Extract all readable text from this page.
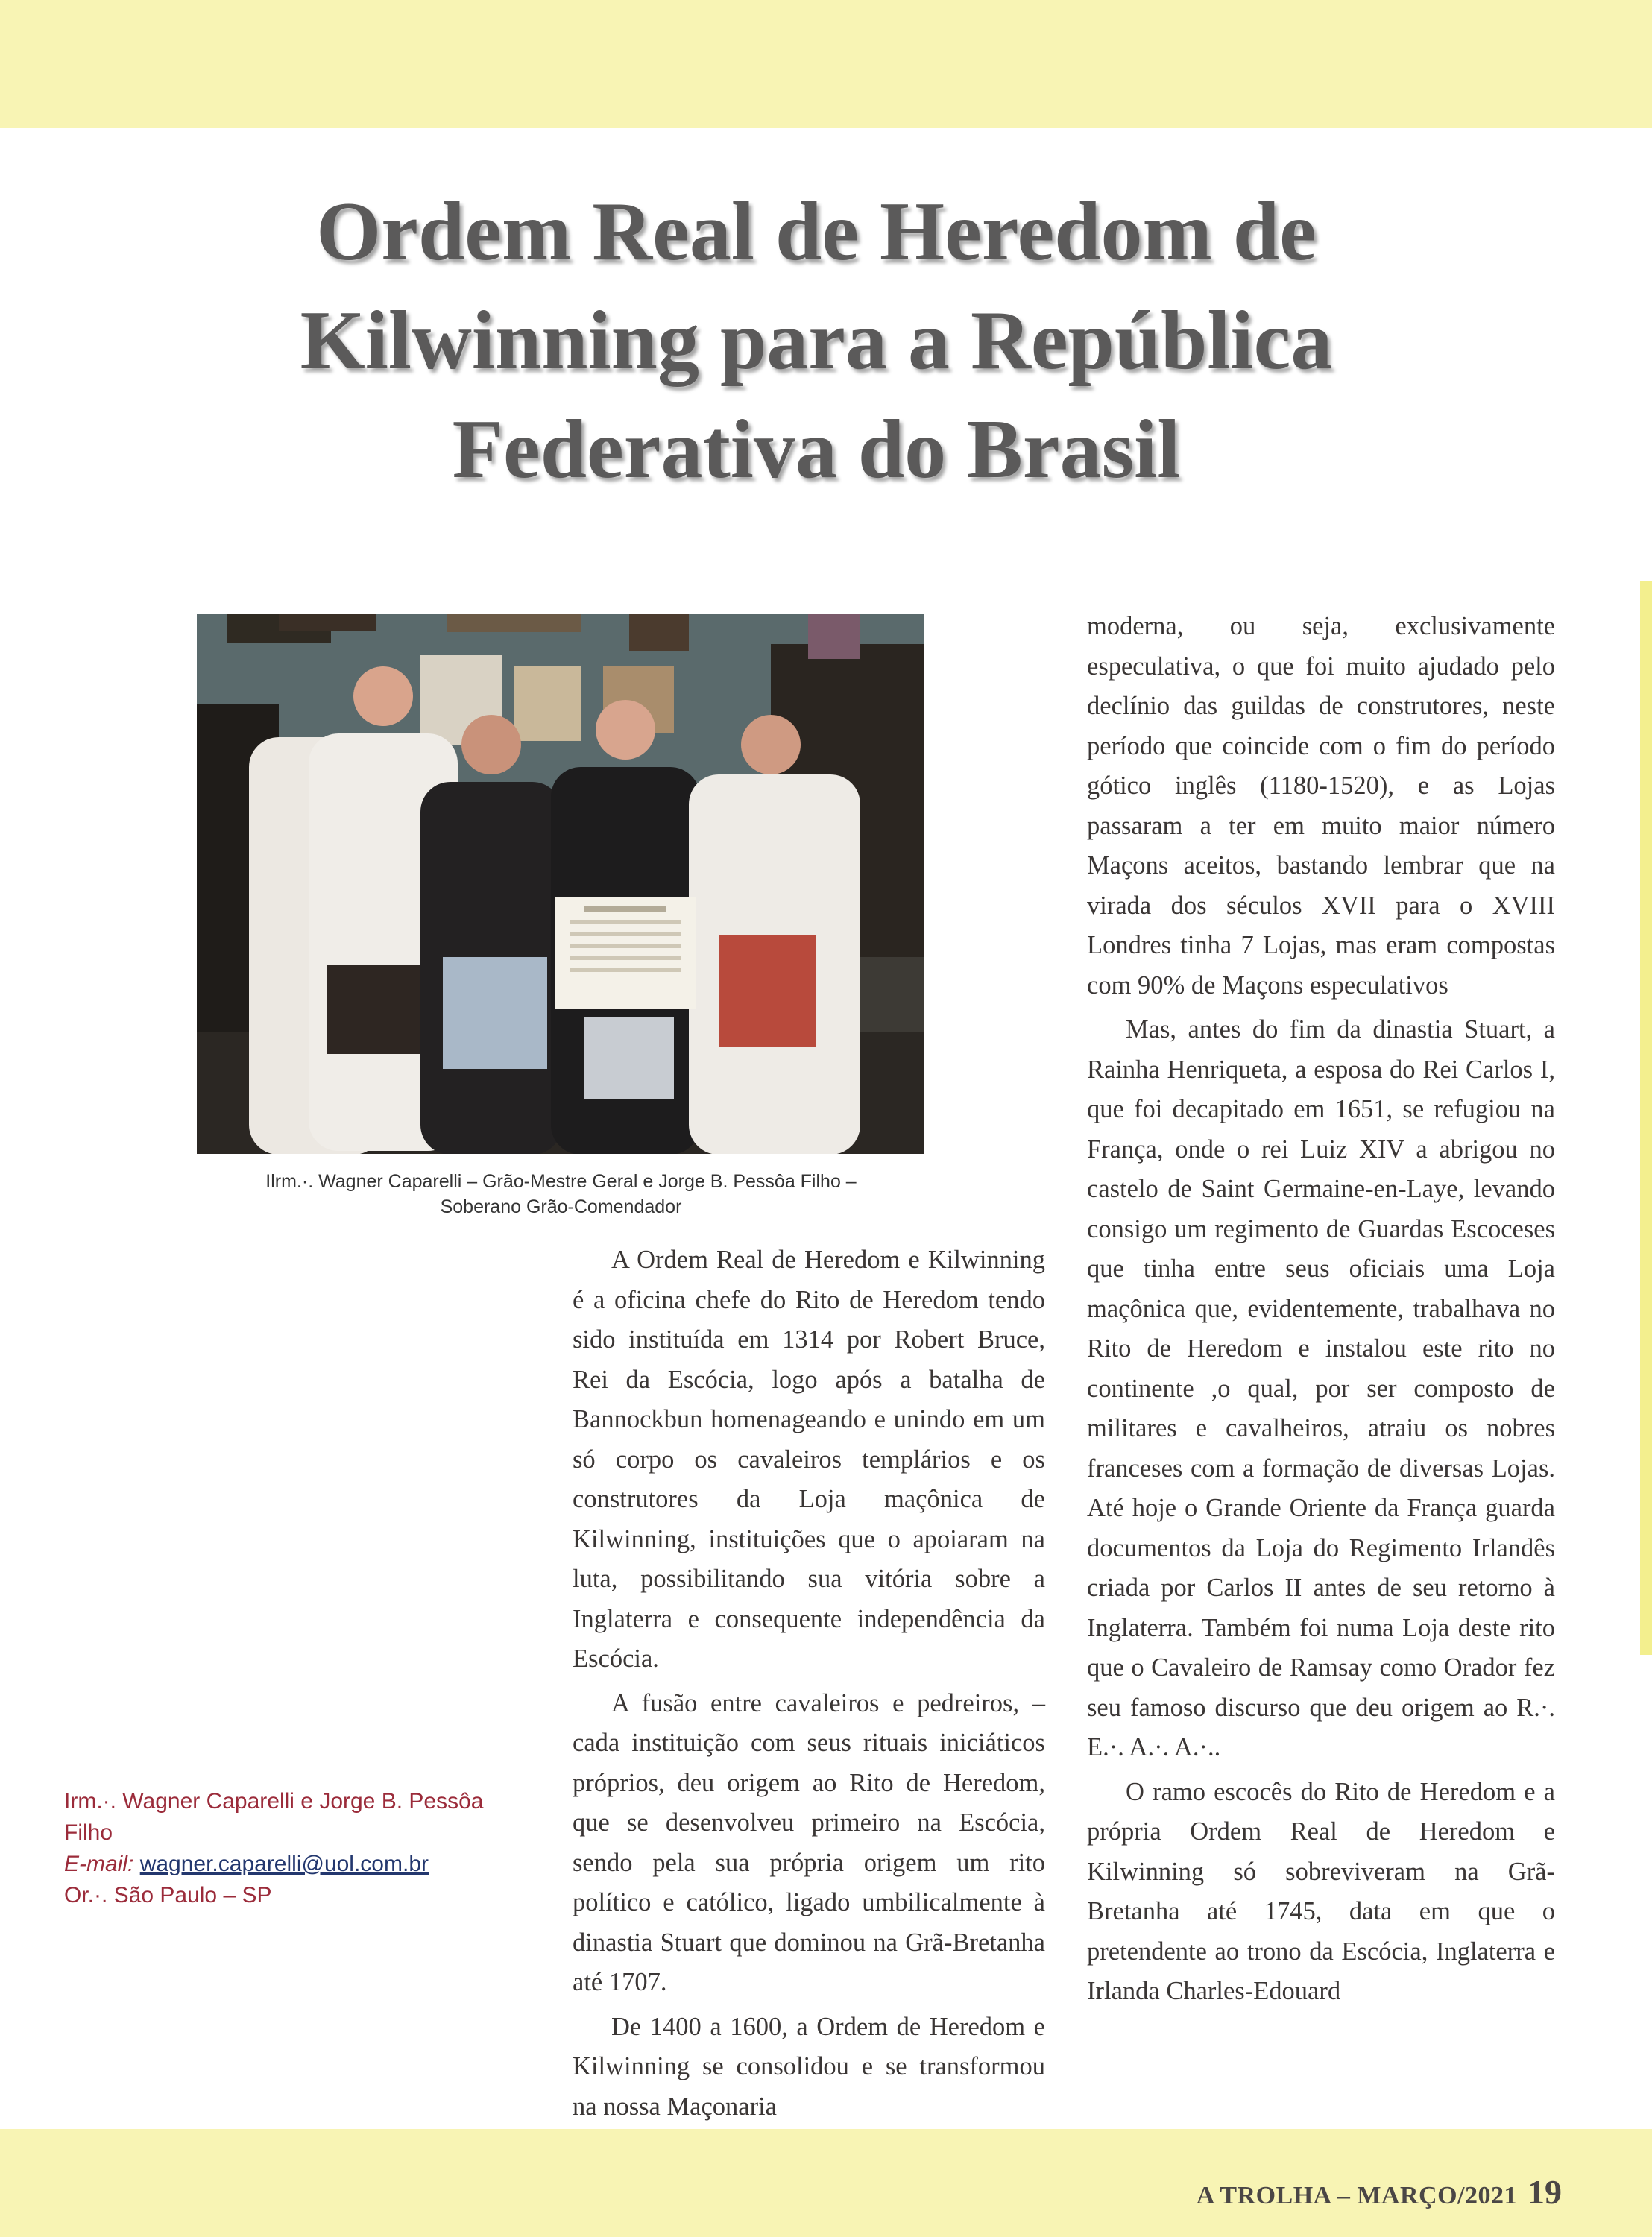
Ordem Real de Heredom de Kilwinning para a República Federativa do Brasil
Ilrm.·. Wagner Caparelli – Grão-Mestre Geral e Jorge B. Pessôa Filho –
Soberano Grão-Comendador

Irm.·. Wagner Caparelli e Jorge B. Pessôa Filho

E-mail: wagner.caparelli@uol.com.br

Or.·. São Paulo – SP

A Ordem Real de Heredom e Kilwinning é a oficina chefe do Rito de Heredom tendo sido instituída em 1314 por Robert Bruce, Rei da Escócia, logo após a batalha de Bannockbun homenageando e unindo em um só corpo os cavaleiros templários e os construtores da Loja maçônica de Kilwinning, instituições que o apoiaram na luta, possibilitando sua vitória sobre a Inglaterra e consequente independência da Escócia.

A fusão entre cavaleiros e pedreiros, – cada instituição com seus rituais iniciáticos próprios, deu origem ao Rito de Heredom, que se desenvolveu primeiro na Escócia, sendo pela sua própria origem um rito político e católico, ligado umbilicalmente à dinastia Stuart que dominou na Grã-Bretanha até 1707.

De 1400 a 1600, a Ordem de Heredom e Kilwinning se consolidou e se transformou na nossa Maçonaria

moderna, ou seja, exclusivamente especulativa, o que foi muito ajudado pelo declínio das guildas de construtores, neste período que coincide com o fim do período gótico inglês (1180-1520), e as Lojas passaram a ter em muito maior número Maçons aceitos, bastando lembrar que na virada dos séculos XVII para o XVIII Londres tinha 7 Lojas, mas eram compostas com 90% de Maçons especulativos

Mas, antes do fim da dinastia Stuart, a Rainha Henriqueta, a esposa do Rei Carlos I, que foi decapitado em 1651, se refugiou na França, onde o rei Luiz XIV a abrigou no castelo de Saint Germaine-en-Laye, levando consigo um regimento de Guardas Escoceses que tinha entre seus oficiais uma Loja maçônica que, evidentemente, trabalhava no Rito de Heredom e instalou este rito no continente ,o qual, por ser composto de militares e cavalheiros, atraiu os nobres franceses com a formação de diversas Lojas. Até hoje o Grande Oriente da França guarda documentos da Loja do Regimento Irlandês criada por Carlos II antes de seu retorno à Inglaterra. Também foi numa Loja deste rito que o Cavaleiro de Ramsay como Orador fez seu famoso discurso que deu origem ao R.·. E.·. A.·. A.·..

O ramo escocês do Rito de Heredom e a própria Ordem Real de Heredom e Kilwinning só sobreviveram na Grã-Bretanha até 1745, data em que o pretendente ao trono da Escócia, Inglaterra e Irlanda Charles-Edouard

A TROLHA – MARÇO/2021 19
